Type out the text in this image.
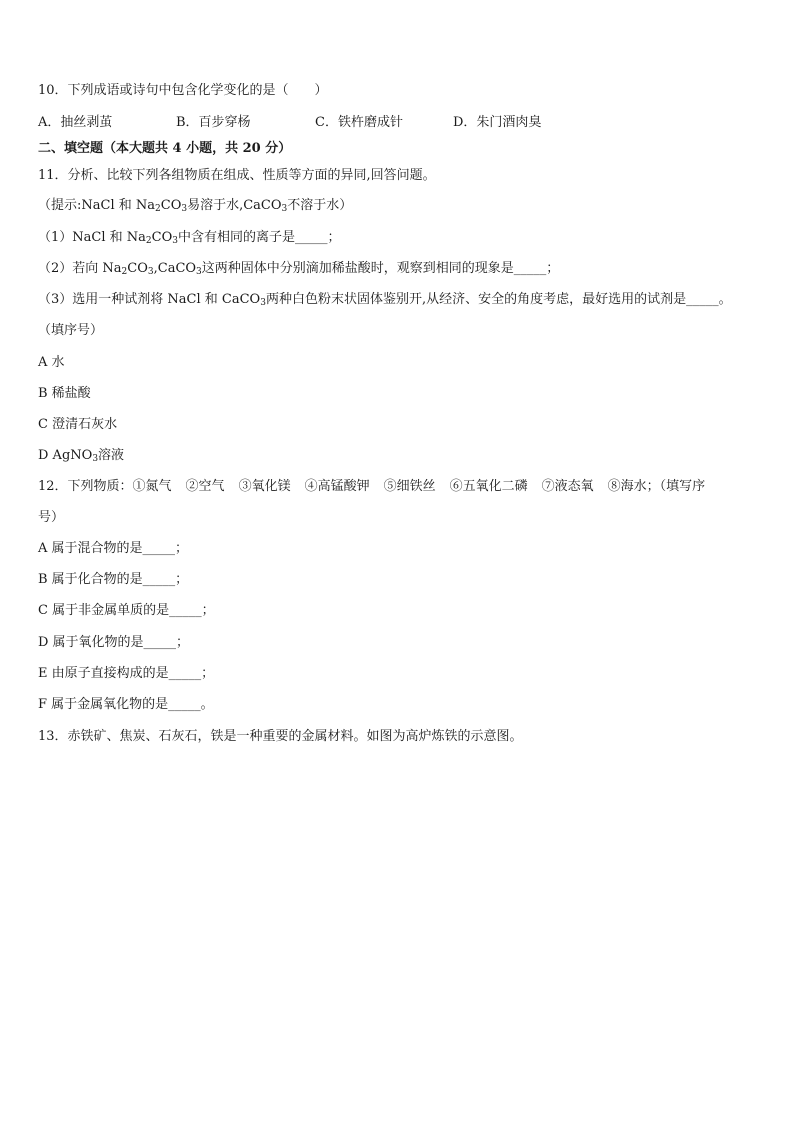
10．下列成语或诗句中包含化学变化的是（　　）
A．抽丝剥茧	B．百步穿杨	C．铁杵磨成针	D．朱门酒肉臭
二、填空题（本大题共 4 小题，共 20 分）
11．分析、比较下列各组物质在组成、性质等方面的异同,回答问题。
（提示:NaCl 和 $Na_2CO_3$易溶于水,CaCO$_3$不溶于水）
（1）NaCl 和 $Na_2CO_3$中含有相同的离子是_____；
（2）若向 $Na_2CO_3,CaCO_3$这两种固体中分别滴加稀盐酸时，观察到相同的现象是_____；
（3）选用一种试剂将 NaCl 和 CaCO$_3$两种白色粉末状固体鉴别开,从经济、安全的角度考虑，最好选用的试剂是_____。
（填序号）
A 水
B 稀盐酸
C 澄清石灰水
D AgNO$_3$溶液
12．下列物质：①氮气 ②空气 ③氧化镁 ④高锰酸钾 ⑤细铁丝 ⑥五氧化二磷 ⑦液态氧 ⑧海水；（填写序
号）
A 属于混合物的是_____；
B 属于化合物的是_____；
C 属于非金属单质的是_____；
D 属于氧化物的是_____；
E 由原子直接构成的是_____；
F 属于金属氧化物的是_____。
13．赤铁矿、焦炭、石灰石，铁是一种重要的金属材料。如图为高炉炼铁的示意图。
